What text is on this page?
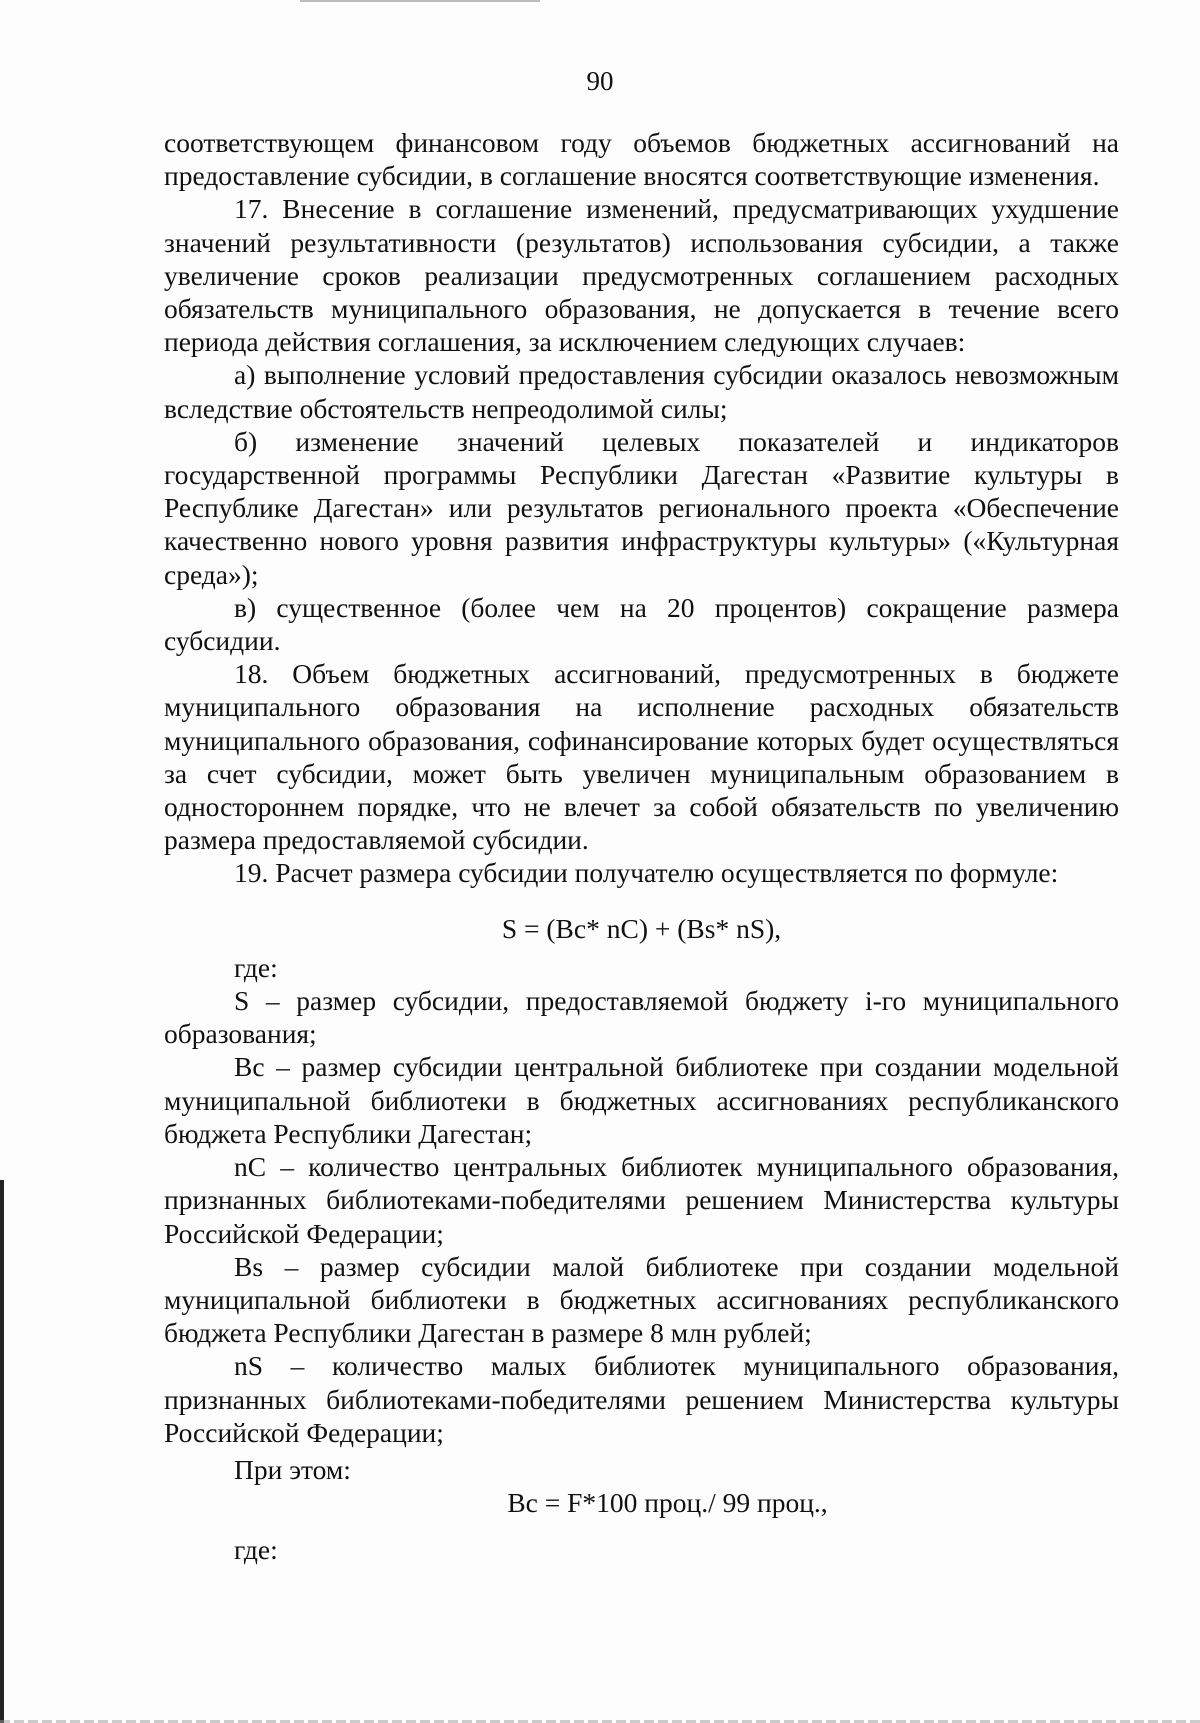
90

соответствующем финансовом году объемов бюджетных ассигнований на предоставление субсидии, в соглашение вносятся соответствующие изменения.

17. Внесение в соглашение изменений, предусматривающих ухудшение значений результативности (результатов) использования субсидии, а также увеличение сроков реализации предусмотренных соглашением расходных обязательств муниципального образования, не допускается в течение всего периода действия соглашения, за исключением следующих случаев:

а) выполнение условий предоставления субсидии оказалось невозможным вследствие обстоятельств непреодолимой силы;

б) изменение значений целевых показателей и индикаторов государственной программы Республики Дагестан «Развитие культуры в Республике Дагестан» или результатов регионального проекта «Обеспечение качественно нового уровня развития инфраструктуры культуры» («Культурная среда»);

в) существенное (более чем на 20 процентов) сокращение размера субсидии.

18. Объем бюджетных ассигнований, предусмотренных в бюджете муниципального образования на исполнение расходных обязательств муниципального образования, софинансирование которых будет осуществляться за счет субсидии, может быть увеличен муниципальным образованием в одностороннем порядке, что не влечет за собой обязательств по увеличению размера предоставляемой субсидии.

19. Расчет размера субсидии получателю осуществляется по формуле:

S = (Bc* nC) + (Bs* nS),

где:

S – размер субсидии, предоставляемой бюджету i-го муниципального образования;

Bc – размер субсидии центральной библиотеке при создании модельной муниципальной библиотеки в бюджетных ассигнованиях республиканского бюджета Республики Дагестан;

nC – количество центральных библиотек муниципального образования, признанных библиотеками-победителями решением Министерства культуры Российской Федерации;

Bs – размер субсидии малой библиотеке при создании модельной муниципальной библиотеки в бюджетных ассигнованиях республиканского бюджета Республики Дагестан в размере 8 млн рублей;

nS – количество малых библиотек муниципального образования, признанных библиотеками-победителями решением Министерства культуры Российской Федерации;

При этом:

Bc = F*100 проц./ 99 проц.,

где:
